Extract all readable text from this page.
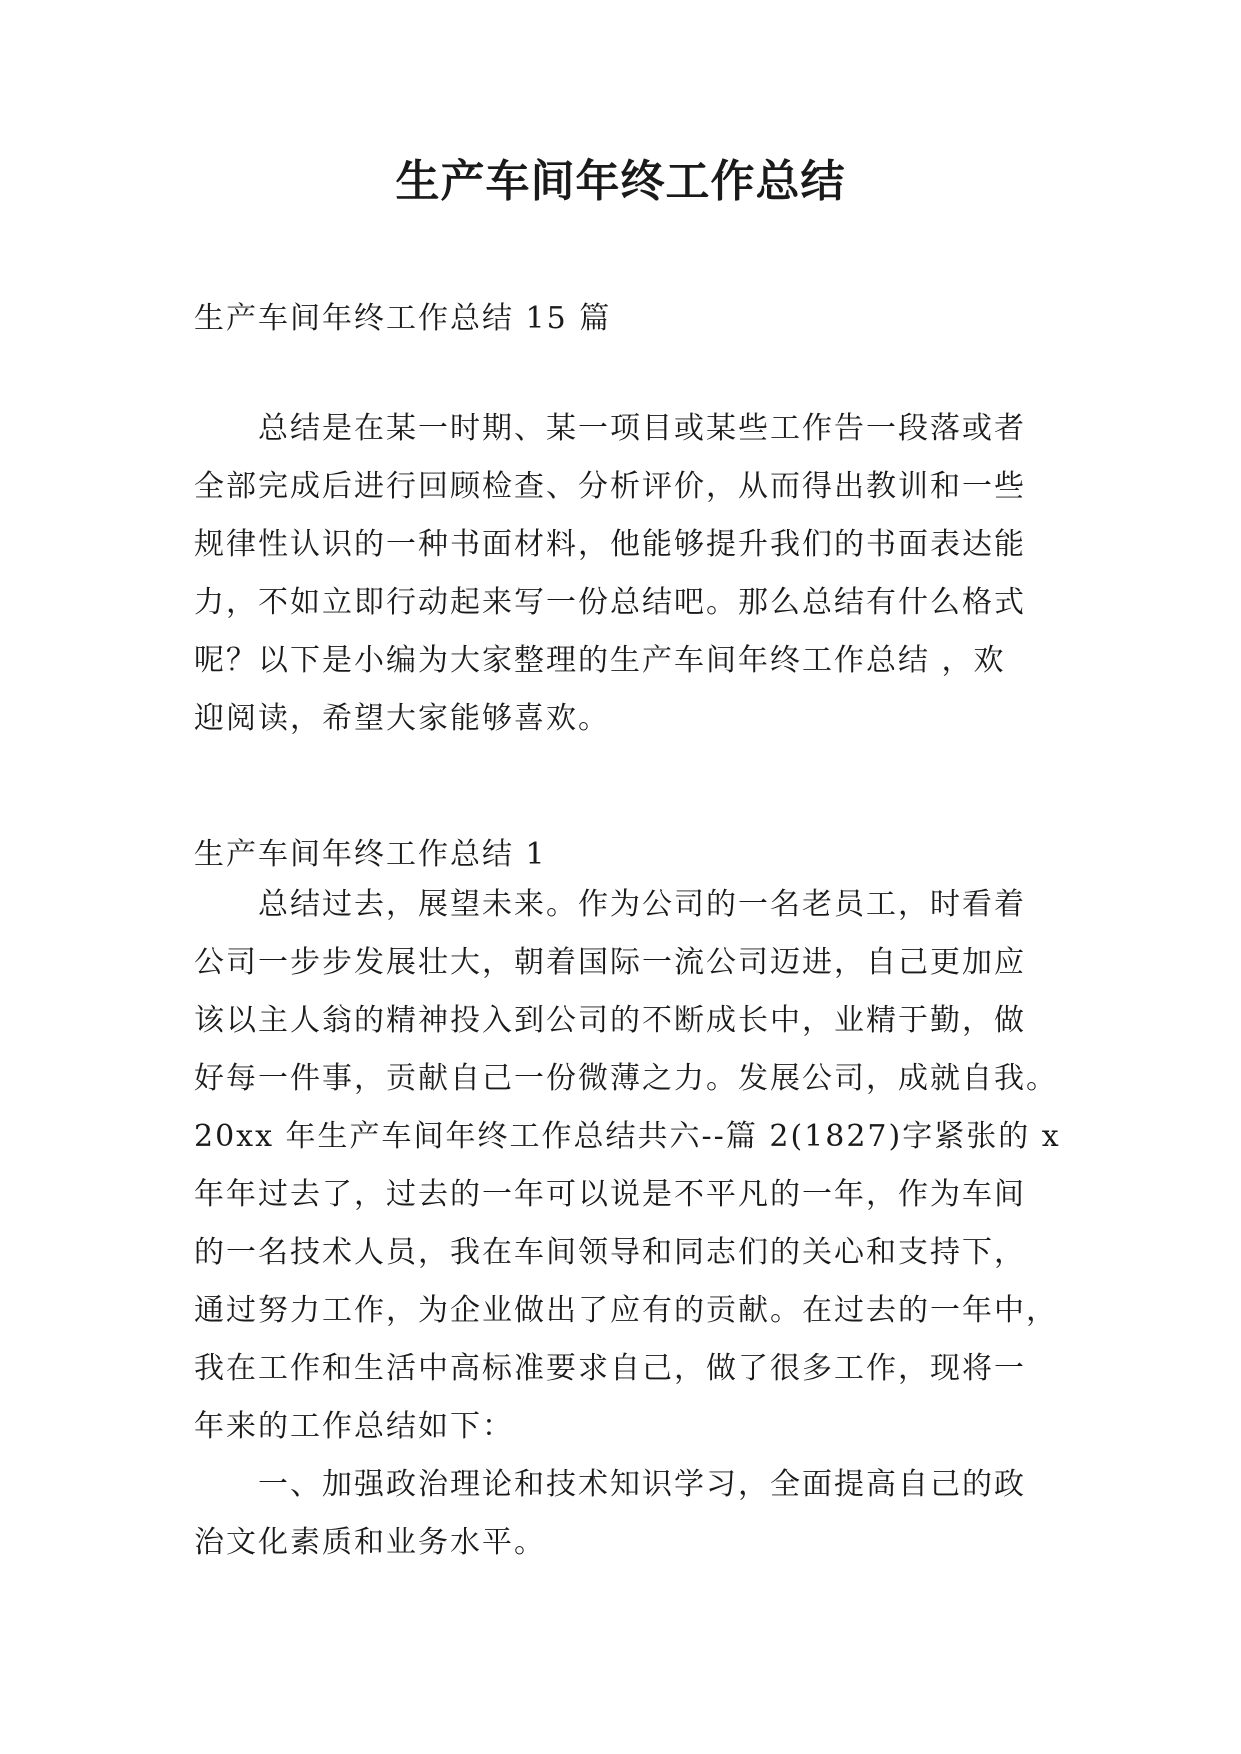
生产车间年终工作总结

生产车间年终工作总结 15 篇

　　总结是在某一时期、某一项目或某些工作告一段落或者
全部完成后进行回顾检查、分析评价，从而得出教训和一些
规律性认识的一种书面材料，他能够提升我们的书面表达能
力，不如立即行动起来写一份总结吧。那么总结有什么格式
呢？以下是小编为大家整理的生产车间年终工作总结 ，欢
迎阅读，希望大家能够喜欢。

生产车间年终工作总结 1

　　总结过去，展望未来。作为公司的一名老员工，时看着
公司一步步发展壮大，朝着国际一流公司迈进，自己更加应
该以主人翁的精神投入到公司的不断成长中，业精于勤，做
好每一件事，贡献自己一份微薄之力。发展公司，成就自我。
20xx 年生产车间年终工作总结共六--篇 2(1827)字紧张的 x
年年过去了，过去的一年可以说是不平凡的一年，作为车间
的一名技术人员，我在车间领导和同志们的关心和支持下，
通过努力工作，为企业做出了应有的贡献。在过去的一年中，
我在工作和生活中高标准要求自己，做了很多工作，现将一
年来的工作总结如下：
　　一、加强政治理论和技术知识学习，全面提高自己的政
治文化素质和业务水平。
